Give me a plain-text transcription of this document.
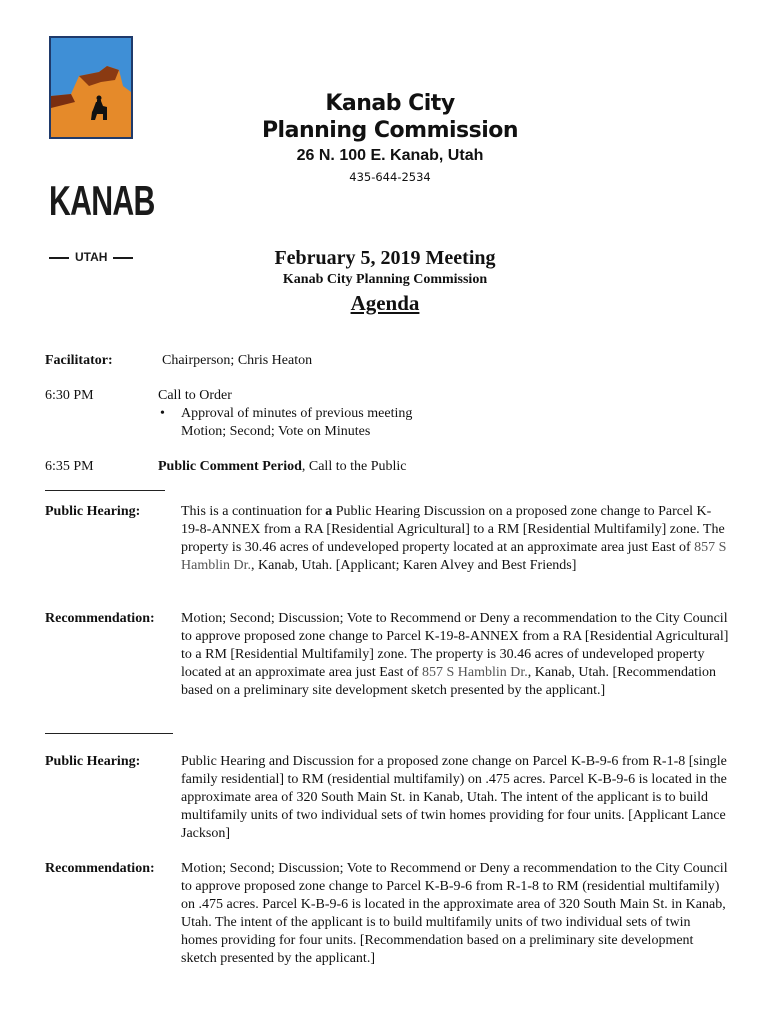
KANAB
UTAH
Kanab City
Planning Commission
26 N. 100 E. Kanab, Utah
435-644-2534
February 5, 2019 Meeting
Kanab City Planning Commission
Agenda
Facilitator:	Chairperson; Chris Heaton
6:30 PM	Call to Order
• Approval of minutes of previous meeting
Motion; Second; Vote on Minutes
6:35 PM	Public Comment Period, Call to the Public
Public Hearing:	This is a continuation for a Public Hearing Discussion on a proposed zone change to Parcel K-19-8-ANNEX from a RA [Residential Agricultural] to a RM [Residential Multifamily] zone. The property is 30.46 acres of undeveloped property located at an approximate area just East of 857 S Hamblin Dr., Kanab, Utah. [Applicant; Karen Alvey and Best Friends]
Recommendation: Motion; Second; Discussion; Vote to Recommend or Deny a recommendation to the City Council to approve proposed zone change to Parcel K-19-8-ANNEX from a RA [Residential Agricultural] to a RM [Residential Multifamily] zone. The property is 30.46 acres of undeveloped property located at an approximate area just East of 857 S Hamblin Dr., Kanab, Utah. [Recommendation based on a preliminary site development sketch presented by the applicant.]
Public Hearing:	Public Hearing and Discussion for a proposed zone change on Parcel K-B-9-6 from R-1-8 [single family residential] to RM (residential multifamily) on .475 acres. Parcel K-B-9-6 is located in the approximate area of 320 South Main St. in Kanab, Utah. The intent of the applicant is to build multifamily units of two individual sets of twin homes providing for four units. [Applicant Lance Jackson]
Recommendation: Motion; Second; Discussion; Vote to Recommend or Deny a recommendation to the City Council to approve proposed zone change to Parcel K-B-9-6 from R-1-8 to RM (residential multifamily) on .475 acres. Parcel K-B-9-6 is located in the approximate area of 320 South Main St. in Kanab, Utah. The intent of the applicant is to build multifamily units of two individual sets of twin homes providing for four units. [Recommendation based on a preliminary site development sketch presented by the applicant.]
